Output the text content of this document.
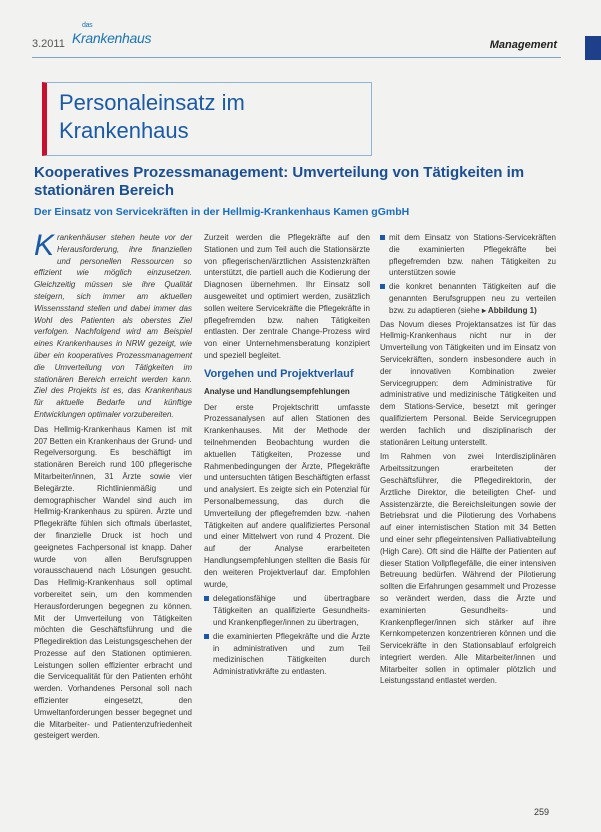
3.2011
das
Krankenhaus	Management
Personaleinsatz im
Krankenhaus
Kooperatives Prozessmanagement: Umverteilung von Tätigkeiten im stationären Bereich
Der Einsatz von Servicekräften in der Hellmig-Krankenhaus Kamen gGmbH

Krankenhäuser stehen heute vor der Herausforderung, ihre finanziellen und personellen Ressourcen so effizient wie möglich einzusetzen. Gleichzeitig müssen sie ihre Qualität steigern, sich immer am aktuellen Wissensstand stellen und dabei immer das Wohl des Patienten als oberstes Ziel verfolgen. Nachfolgend wird am Beispiel eines Krankenhauses in NRW gezeigt, wie über ein kooperatives Prozessmanagement die Umverteilung von Tätigkeiten im stationären Bereich erreicht werden kann. Ziel des Projekts ist es, das Krankenhaus für aktuelle Bedarfe und künftige Entwicklungen optimaler vorzubereiten.

Das Hellmig-Krankenhaus Kamen ist mit 207 Betten ein Krankenhaus der Grund- und Regelversorgung. Es beschäftigt im stationären Bereich rund 100 pflegerische Mitarbeiter/innen, 31 Ärzte sowie vier Belegärzte. Richtlinienmäßig und demographischer Wandel sind auch im Hellmig-Krankenhaus zu spüren. Ärzte und Pflegekräfte fühlen sich oftmals überlastet, der finanzielle Druck ist hoch und geeignetes Fachpersonal ist knapp. Daher wurde von allen Berufsgruppen vorausschauend nach Lösungen gesucht. Das Hellmig-Krankenhaus soll optimal vorbereitet sein, um den kommenden Herausforderungen begegnen zu können. Mit der Umverteilung von Tätigkeiten möchten die Geschäftsführung und die Pflegedirektion das Leistungsgeschehen der Prozesse auf den Stationen optimieren. Leistungen sollen effizienter erbracht und die Servicequalität für den Patienten erhöht werden. Vorhandenes Personal soll nach effizienter eingesetzt, den Umweltanforderungen besser begegnet und die Mitarbeiter- und Patientenzufriedenheit gesteigert werden.

Zurzeit werden die Pflegekräfte auf den Stationen und zum Teil auch die Stationsärzte von pflegerischen/ärztlichen Assistenzkräften unterstützt, die partiell auch die Kodierung der Diagnosen übernehmen. Ihr Einsatz soll ausgeweitet und optimiert werden, zusätzlich sollen weitere Servicekräfte die Pflegekräfte in pflegefremden bzw. nahen Tätigkeiten entlasten. Der zentrale Change-Prozess wird von einer Unternehmensberatung konzipiert und speziell begleitet.

Vorgehen und Projektverlauf
Analyse und Handlungsempfehlungen

Der erste Projektschritt umfasste Prozessanalysen auf allen Stationen des Krankenhauses. Mit der Methode der teilnehmenden Beobachtung wurden die aktuellen Tätigkeiten, Prozesse und Rahmenbedingungen der Ärzte, Pflegekräfte und untersuchten tätigen Beschäftigten erfasst und analysiert. Es zeigte sich ein Potenzial für Personalbemessung, das durch die Umverteilung der pflegefremden bzw. -nahen Tätigkeiten auf andere qualifiziertes Personal und einer Mittelwert von rund 4 Prozent. Die auf der Analyse erarbeiteten Handlungsempfehlungen stellten die Basis für den weiteren Projektverlauf dar. Empfohlen wurde,

delegationsfähige und übertragbare Tätigkeiten an qualifizierte Gesundheits- und Krankenpfleger/innen zu übertragen,
die examinierten Pflegekräfte und die Ärzte in administrativen und zum Teil medizinischen Tätigkeiten durch Administrativkräfte zu entlasten.
mit dem Einsatz von Stations-Servicekräften die examinierten Pflegekräfte bei pflegefremden bzw. nahen Tätigkeiten zu unterstützen sowie
die konkret benannten Tätigkeiten auf die genannten Berufsgruppen neu zu verteilen bzw. zu adaptieren (siehe ▸ Abbildung 1)

Das Novum dieses Projektansatzes ist für das Hellmig-Krankenhaus nicht nur in der Umverteilung von Tätigkeiten und im Einsatz von Servicekräften, sondern insbesondere auch in der innovativen Kombination zweier Servicegruppen: dem Administrative für administrative und medizinische Tätigkeiten und dem Stations-Service, besetzt mit geringer qualifiziertem Personal. Beide Servicegruppen werden fachlich und disziplinarisch der stationären Leitung unterstellt.

Im Rahmen von zwei Interdisziplinären Arbeitssitzungen erarbeiteten der Geschäftsführer, die Pflegedirektorin, der Ärztliche Direktor, die beteiligten Chef- und Assistenzärzte, die Bereichsleitungen sowie der Betriebsrat und die Pilotierung des Vorhabens auf einer internistischen Station mit 34 Betten und einer sehr pflegeintensiven Palliativabteilung (High Care). Oft sind die Hälfte der Patienten auf dieser Station Vollpflegefälle, die einer intensiven Betreuung bedürfen. Während der Pilotierung sollten die Erfahrungen gesammelt und Prozesse so verändert werden, dass die Ärzte und examinierten Gesundheits- und Krankenpfleger/innen sich stärker auf ihre Kernkompetenzen konzentrieren können und die Servicekräfte in den Stationsablauf erfolgreich integriert werden. Alle Mitarbeiter/innen und Mitarbeiter sollen in optimaler plötzlich und Leistungsstand entlastet werden.

259
